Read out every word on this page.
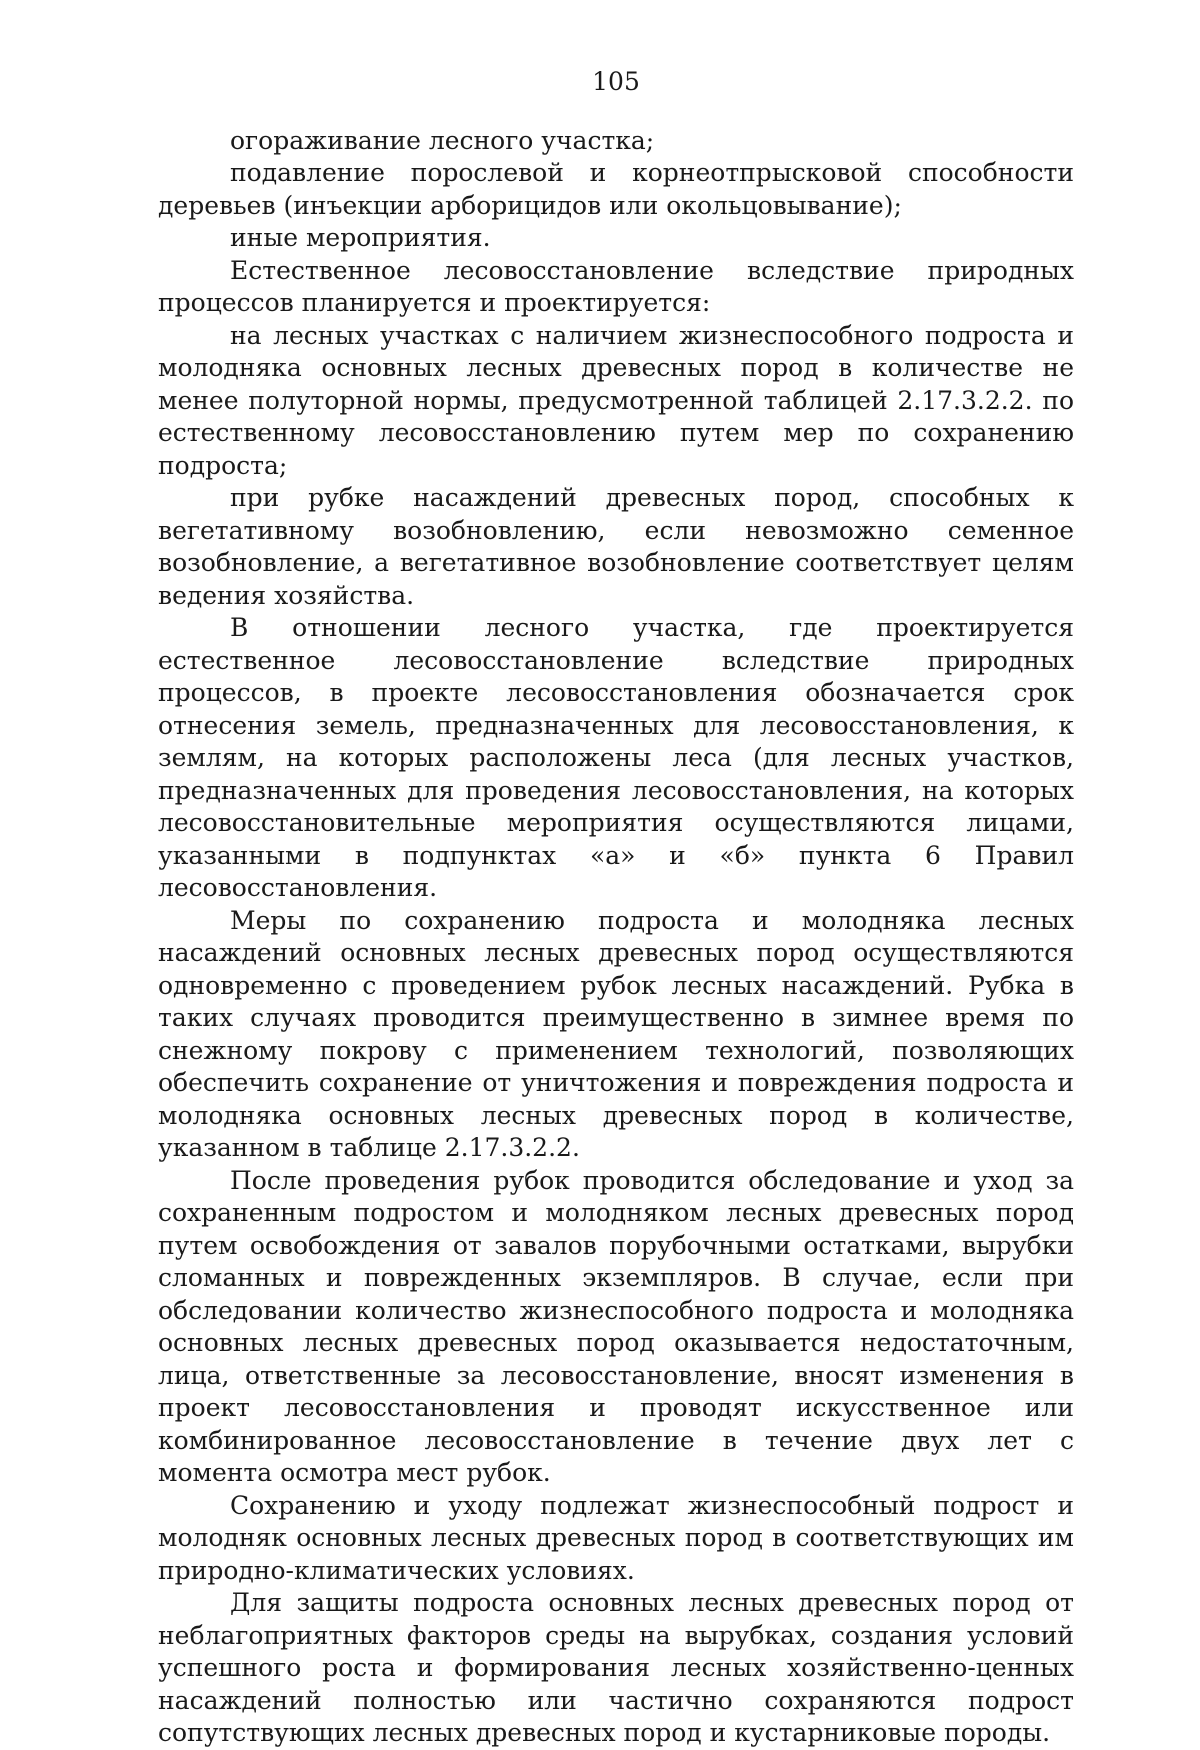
105

огораживание лесного участка;

подавление порослевой и корнеотпрысковой способности деревьев (инъекции арборицидов или окольцовывание);

иные мероприятия.

Естественное лесовосстановление вследствие природных процессов планируется и проектируется:

на лесных участках с наличием жизнеспособного подроста и молодняка основных лесных древесных пород в количестве не менее полуторной нормы, предусмотренной таблицей 2.17.3.2.2. по естественному лесовосстановлению путем мер по сохранению подроста;

при рубке насаждений древесных пород, способных к вегетативному возобновлению, если невозможно семенное возобновление, а вегетативное возобновление соответствует целям ведения хозяйства.

В отношении лесного участка, где проектируется естественное лесовосстановление вследствие природных процессов, в проекте лесовосстановления обозначается срок отнесения земель, предназначенных для лесовосстановления, к землям, на которых расположены леса (для лесных участков, предназначенных для проведения лесовосстановления, на которых лесовосстановительные мероприятия осуществляются лицами, указанными в подпунктах «а» и «б» пункта 6 Правил лесовосстановления.

Меры по сохранению подроста и молодняка лесных насаждений основных лесных древесных пород осуществляются одновременно с проведением рубок лесных насаждений. Рубка в таких случаях проводится преимущественно в зимнее время по снежному покрову с применением технологий, позволяющих обеспечить сохранение от уничтожения и повреждения подроста и молодняка основных лесных древесных пород в количестве, указанном в таблице 2.17.3.2.2.

После проведения рубок проводится обследование и уход за сохраненным подростом и молодняком лесных древесных пород путем освобождения от завалов порубочными остатками, вырубки сломанных и поврежденных экземпляров. В случае, если при обследовании количество жизнеспособного подроста и молодняка основных лесных древесных пород оказывается недостаточным, лица, ответственные за лесовосстановление, вносят изменения в проект лесовосстановления и проводят искусственное или комбинированное лесовосстановление в течение двух лет с момента осмотра мест рубок.

Сохранению и уходу подлежат жизнеспособный подрост и молодняк основных лесных древесных пород в соответствующих им природно-климатических условиях.

Для защиты подроста основных лесных древесных пород от неблагоприятных факторов среды на вырубках, создания условий успешного роста и формирования лесных хозяйственно-ценных насаждений полностью или частично сохраняются подрост сопутствующих лесных древесных пород и кустарниковые породы.
